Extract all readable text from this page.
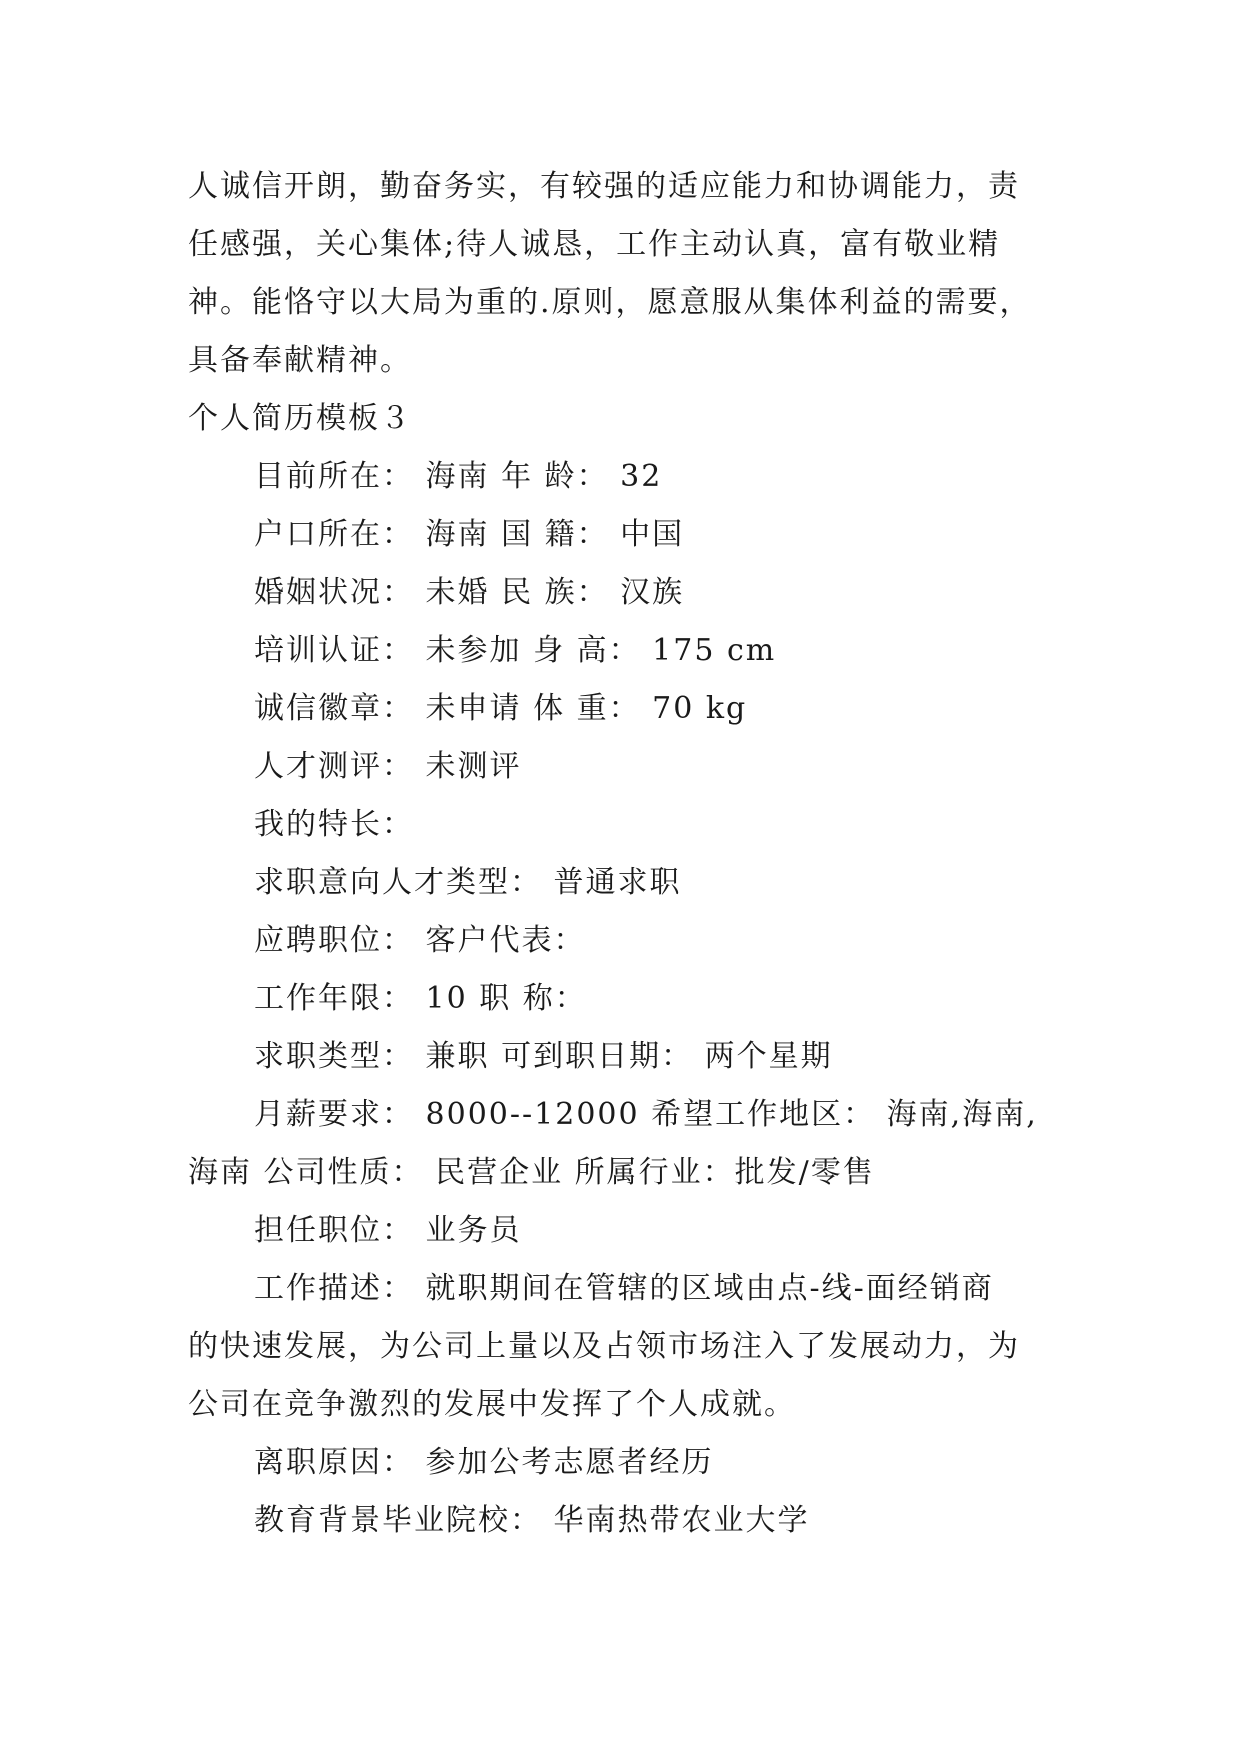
人诚信开朗，勤奋务实，有较强的适应能力和协调能力，责
任感强，关心集体;待人诚恳，工作主动认真，富有敬业精
神。能恪守以大局为重的.原则，愿意服从集体利益的需要，
具备奉献精神。
个人简历模板３
目前所在： 海南 年 龄： 32
户口所在： 海南 国 籍： 中国
婚姻状况： 未婚 民 族： 汉族
培训认证： 未参加 身 高： 175 cm
诚信徽章： 未申请 体 重： 70 kg
人才测评： 未测评
我的特长：
求职意向人才类型： 普通求职
应聘职位： 客户代表：
工作年限： 10 职 称：
求职类型： 兼职 可到职日期： 两个星期
月薪要求： 8000--12000 希望工作地区： 海南,海南,
海南 公司性质： 民营企业 所属行业：批发/零售
担任职位： 业务员
工作描述： 就职期间在管辖的区域由点-线-面经销商
的快速发展，为公司上量以及占领市场注入了发展动力，为
公司在竞争激烈的发展中发挥了个人成就。
离职原因： 参加公考志愿者经历
教育背景毕业院校： 华南热带农业大学
